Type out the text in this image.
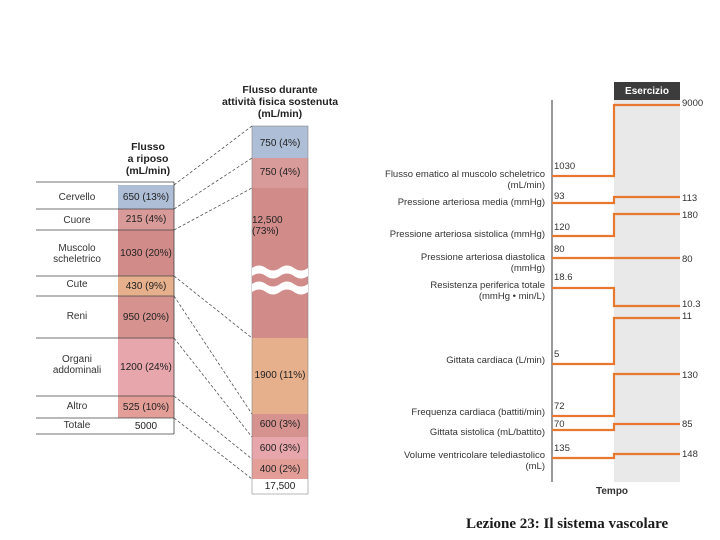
Flusso
a riposo
(mL/min)
Flusso durante
attività fisica sostenuta
(mL/min)
Cervello
Cuore
Muscolo
scheletrico
Cute
Reni
Organi
addominali
Altro
Totale
650 (13%)
215 (4%)
1030 (20%)
430 (9%)
950 (20%)
1200 (24%)
525 (10%)
5000
750 (4%)
750 (4%)
12,500 (73%)
1900 (11%)
600 (3%)
600 (3%)
400 (2%)
17,500
Esercizio
Flusso ematico al muscolo scheletrico
(mL/min)
Pressione arteriosa media (mmHg)
Pressione arteriosa sistolica (mmHg)
Pressione arteriosa diastolica
(mmHg)
Resistenza periferica totale
(mmHg • min/L)
Gittata cardiaca (L/min)
Frequenza cardiaca (battiti/min)
Gittata sistolica (mL/battito)
Volume ventricolare telediastolico
(mL)
1030
93
120
80
18.6
5
72
70
135
9000
113
180
80
10.3
11
130
85
148
Tempo
Lezione 23: Il sistema vascolare
